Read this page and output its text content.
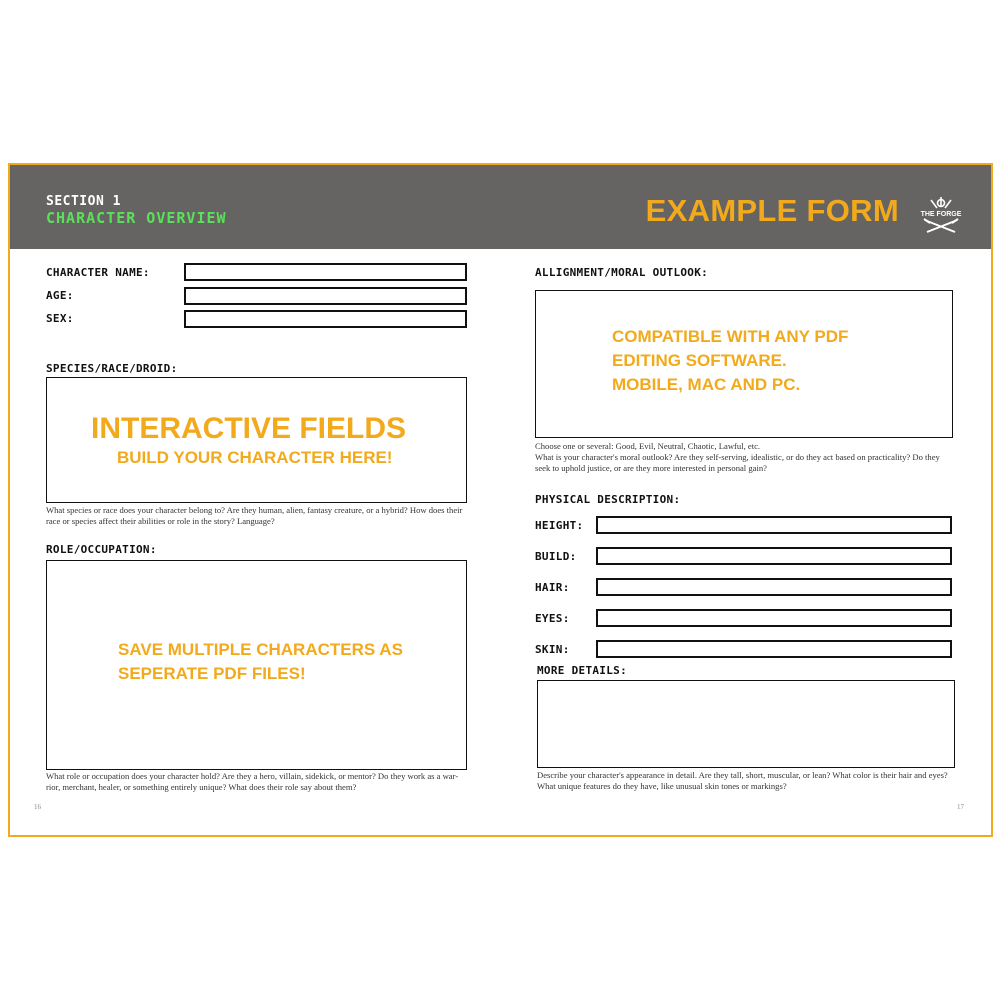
SECTION 1
CHARACTER OVERVIEW	EXAMPLE FORM	THE FORGE
CHARACTER NAME:
AGE:
SEX:
SPECIES/RACE/DROID:
INTERACTIVE FIELDS
BUILD YOUR CHARACTER HERE!
What species or race does your character belong to? Are they human, alien, fantasy creature, or a hybrid? How does their race or species affect their abilities or role in the story? Language?
ROLE/OCCUPATION:
SAVE MULTIPLE CHARACTERS AS
SEPERATE PDF FILES!
What role or occupation does your character hold? Are they a hero, villain, sidekick, or mentor? Do they work as a war-rior, merchant, healer, or something entirely unique? What does their role say about them?
16
ALLIGNMENT/MORAL OUTLOOK:
COMPATIBLE WITH ANY PDF
EDITING SOFTWARE.
MOBILE, MAC AND PC.
Choose one or several: Good, Evil, Neutral, Chaotic, Lawful, etc.
What is your character's moral outlook? Are they self-serving, idealistic, or do they act based on practicality? Do they seek to uphold justice, or are they more interested in personal gain?
PHYSICAL DESCRIPTION:
HEIGHT:
BUILD:
HAIR:
EYES:
SKIN:
MORE DETAILS:
Describe your character's appearance in detail. Are they tall, short, muscular, or lean? What color is their hair and eyes? What unique features do they have, like unusual skin tones or markings?
17
